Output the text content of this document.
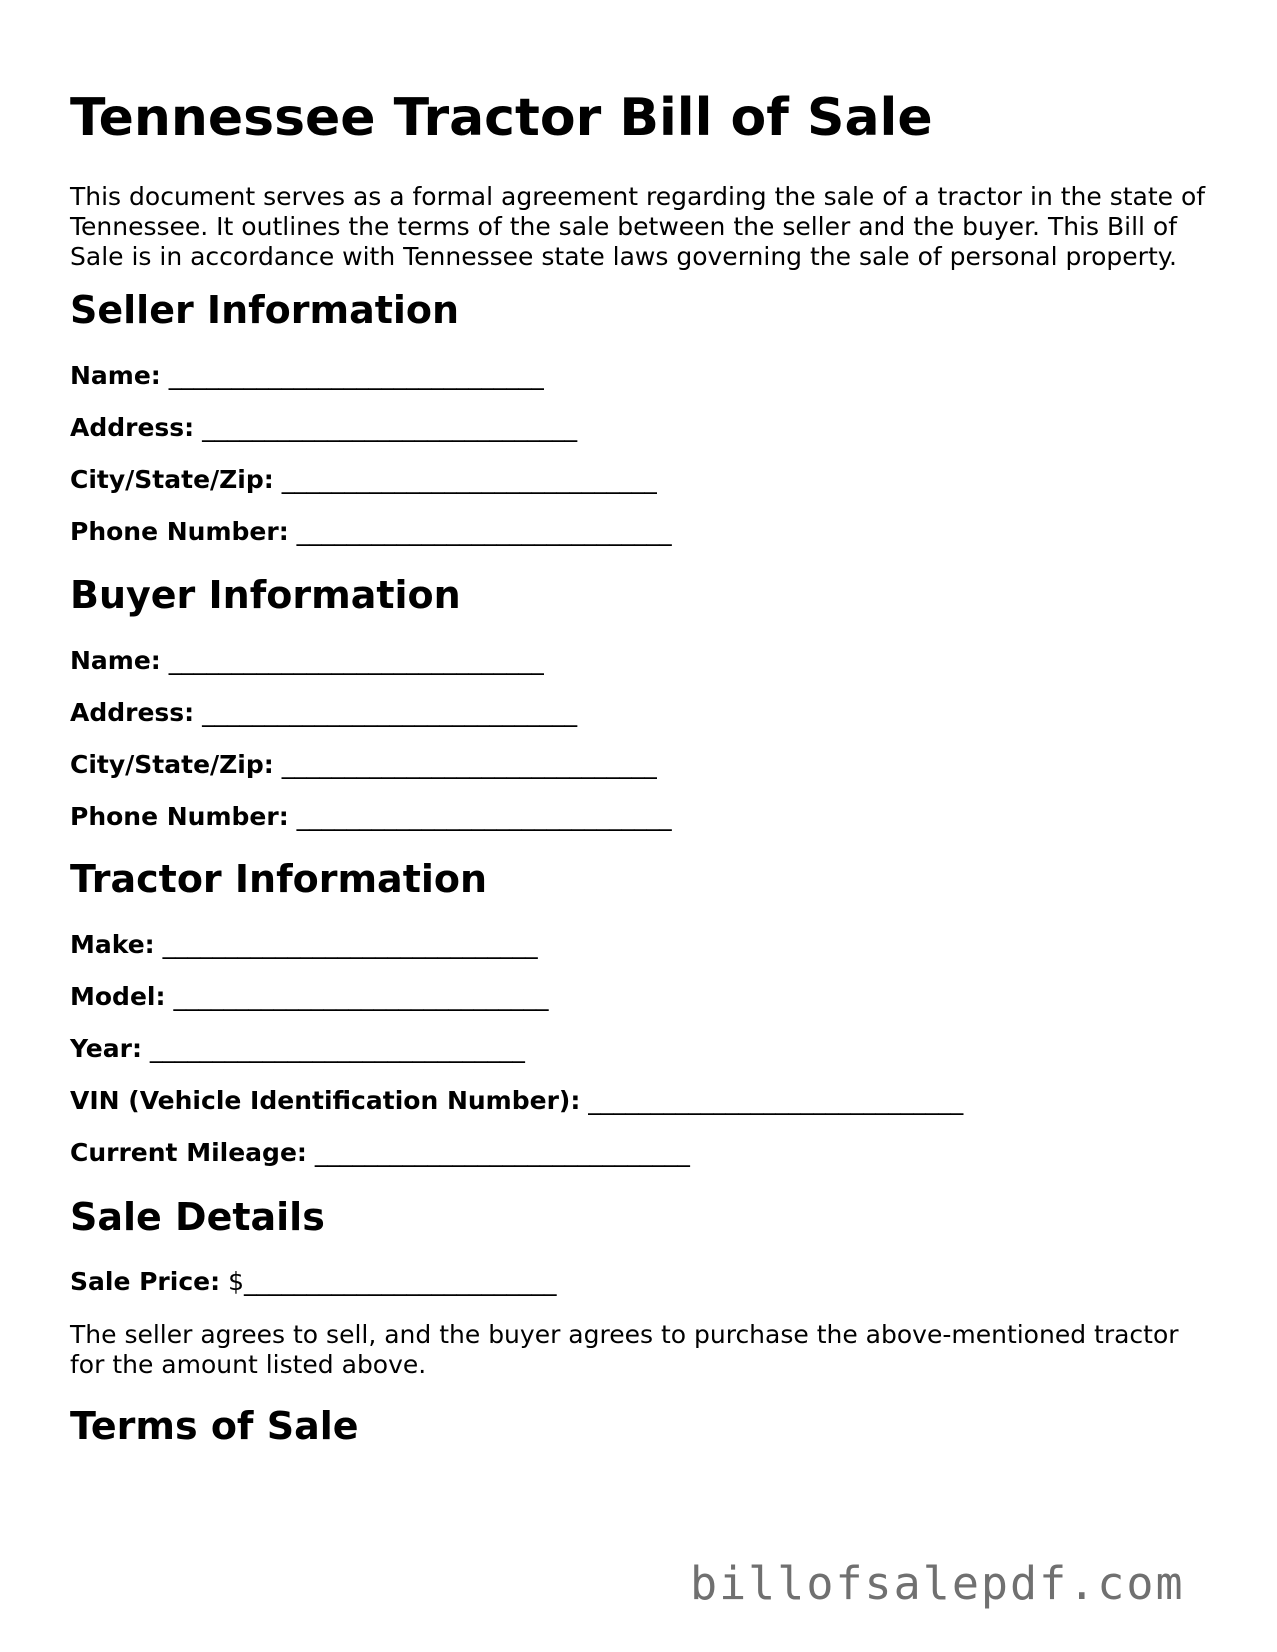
Tennessee Tractor Bill of Sale

This document serves as a formal agreement regarding the sale of a tractor in the state of Tennessee. It outlines the terms of the sale between the seller and the buyer. This Bill of Sale is in accordance with Tennessee state laws governing the sale of personal property.

Seller Information

Name: ______________________________

Address: ______________________________

City/State/Zip: ______________________________

Phone Number: ______________________________

Buyer Information

Name: ______________________________

Address: ______________________________

City/State/Zip: ______________________________

Phone Number: ______________________________

Tractor Information

Make: ______________________________

Model: ______________________________

Year: ______________________________

VIN (Vehicle Identification Number): ______________________________

Current Mileage: ______________________________

Sale Details

Sale Price: $_________________________

The seller agrees to sell, and the buyer agrees to purchase the above-mentioned tractor for the amount listed above.

Terms of Sale
billofsalepdf.com
